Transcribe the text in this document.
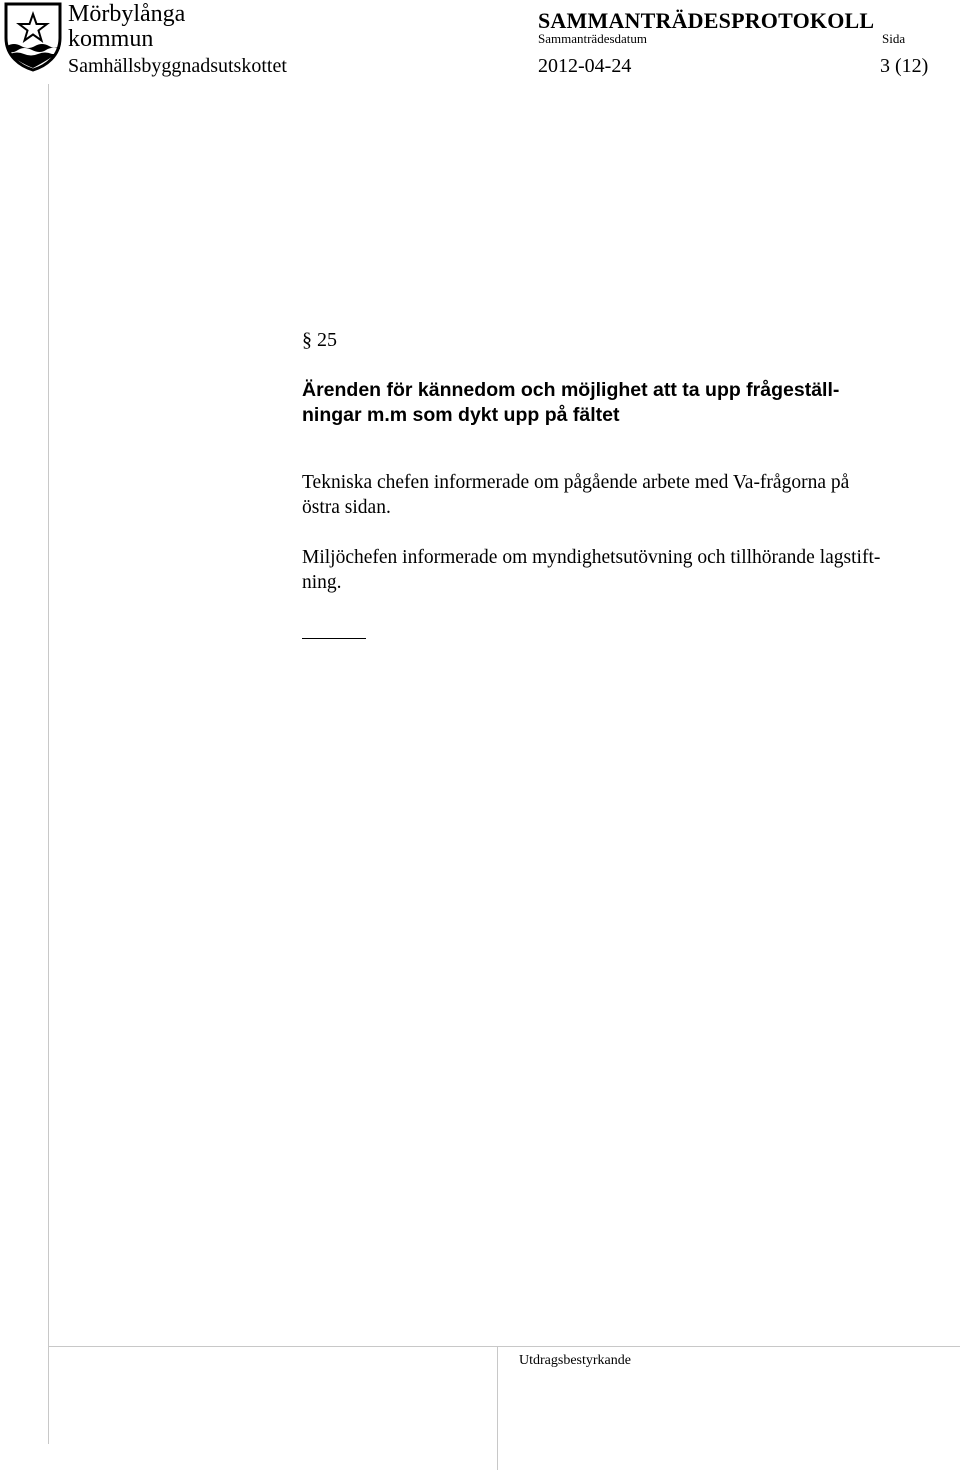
Mörbylånga
kommun
SAMMANTRÄDESPROTOKOLL
Sammanträdesdatum	Sida
Samhällsbyggnadsutskottet	2012-04-24	3 (12)
§ 25
Ärenden för kännedom och möjlighet att ta upp frågeställ-
ningar m.m som dykt upp på fältet
Tekniska chefen informerade om pågående arbete med Va-frågorna på
östra sidan.
Miljöchefen informerade om myndighetsutövning och tillhörande lagstift-
ning.
Utdragsbestyrkande
